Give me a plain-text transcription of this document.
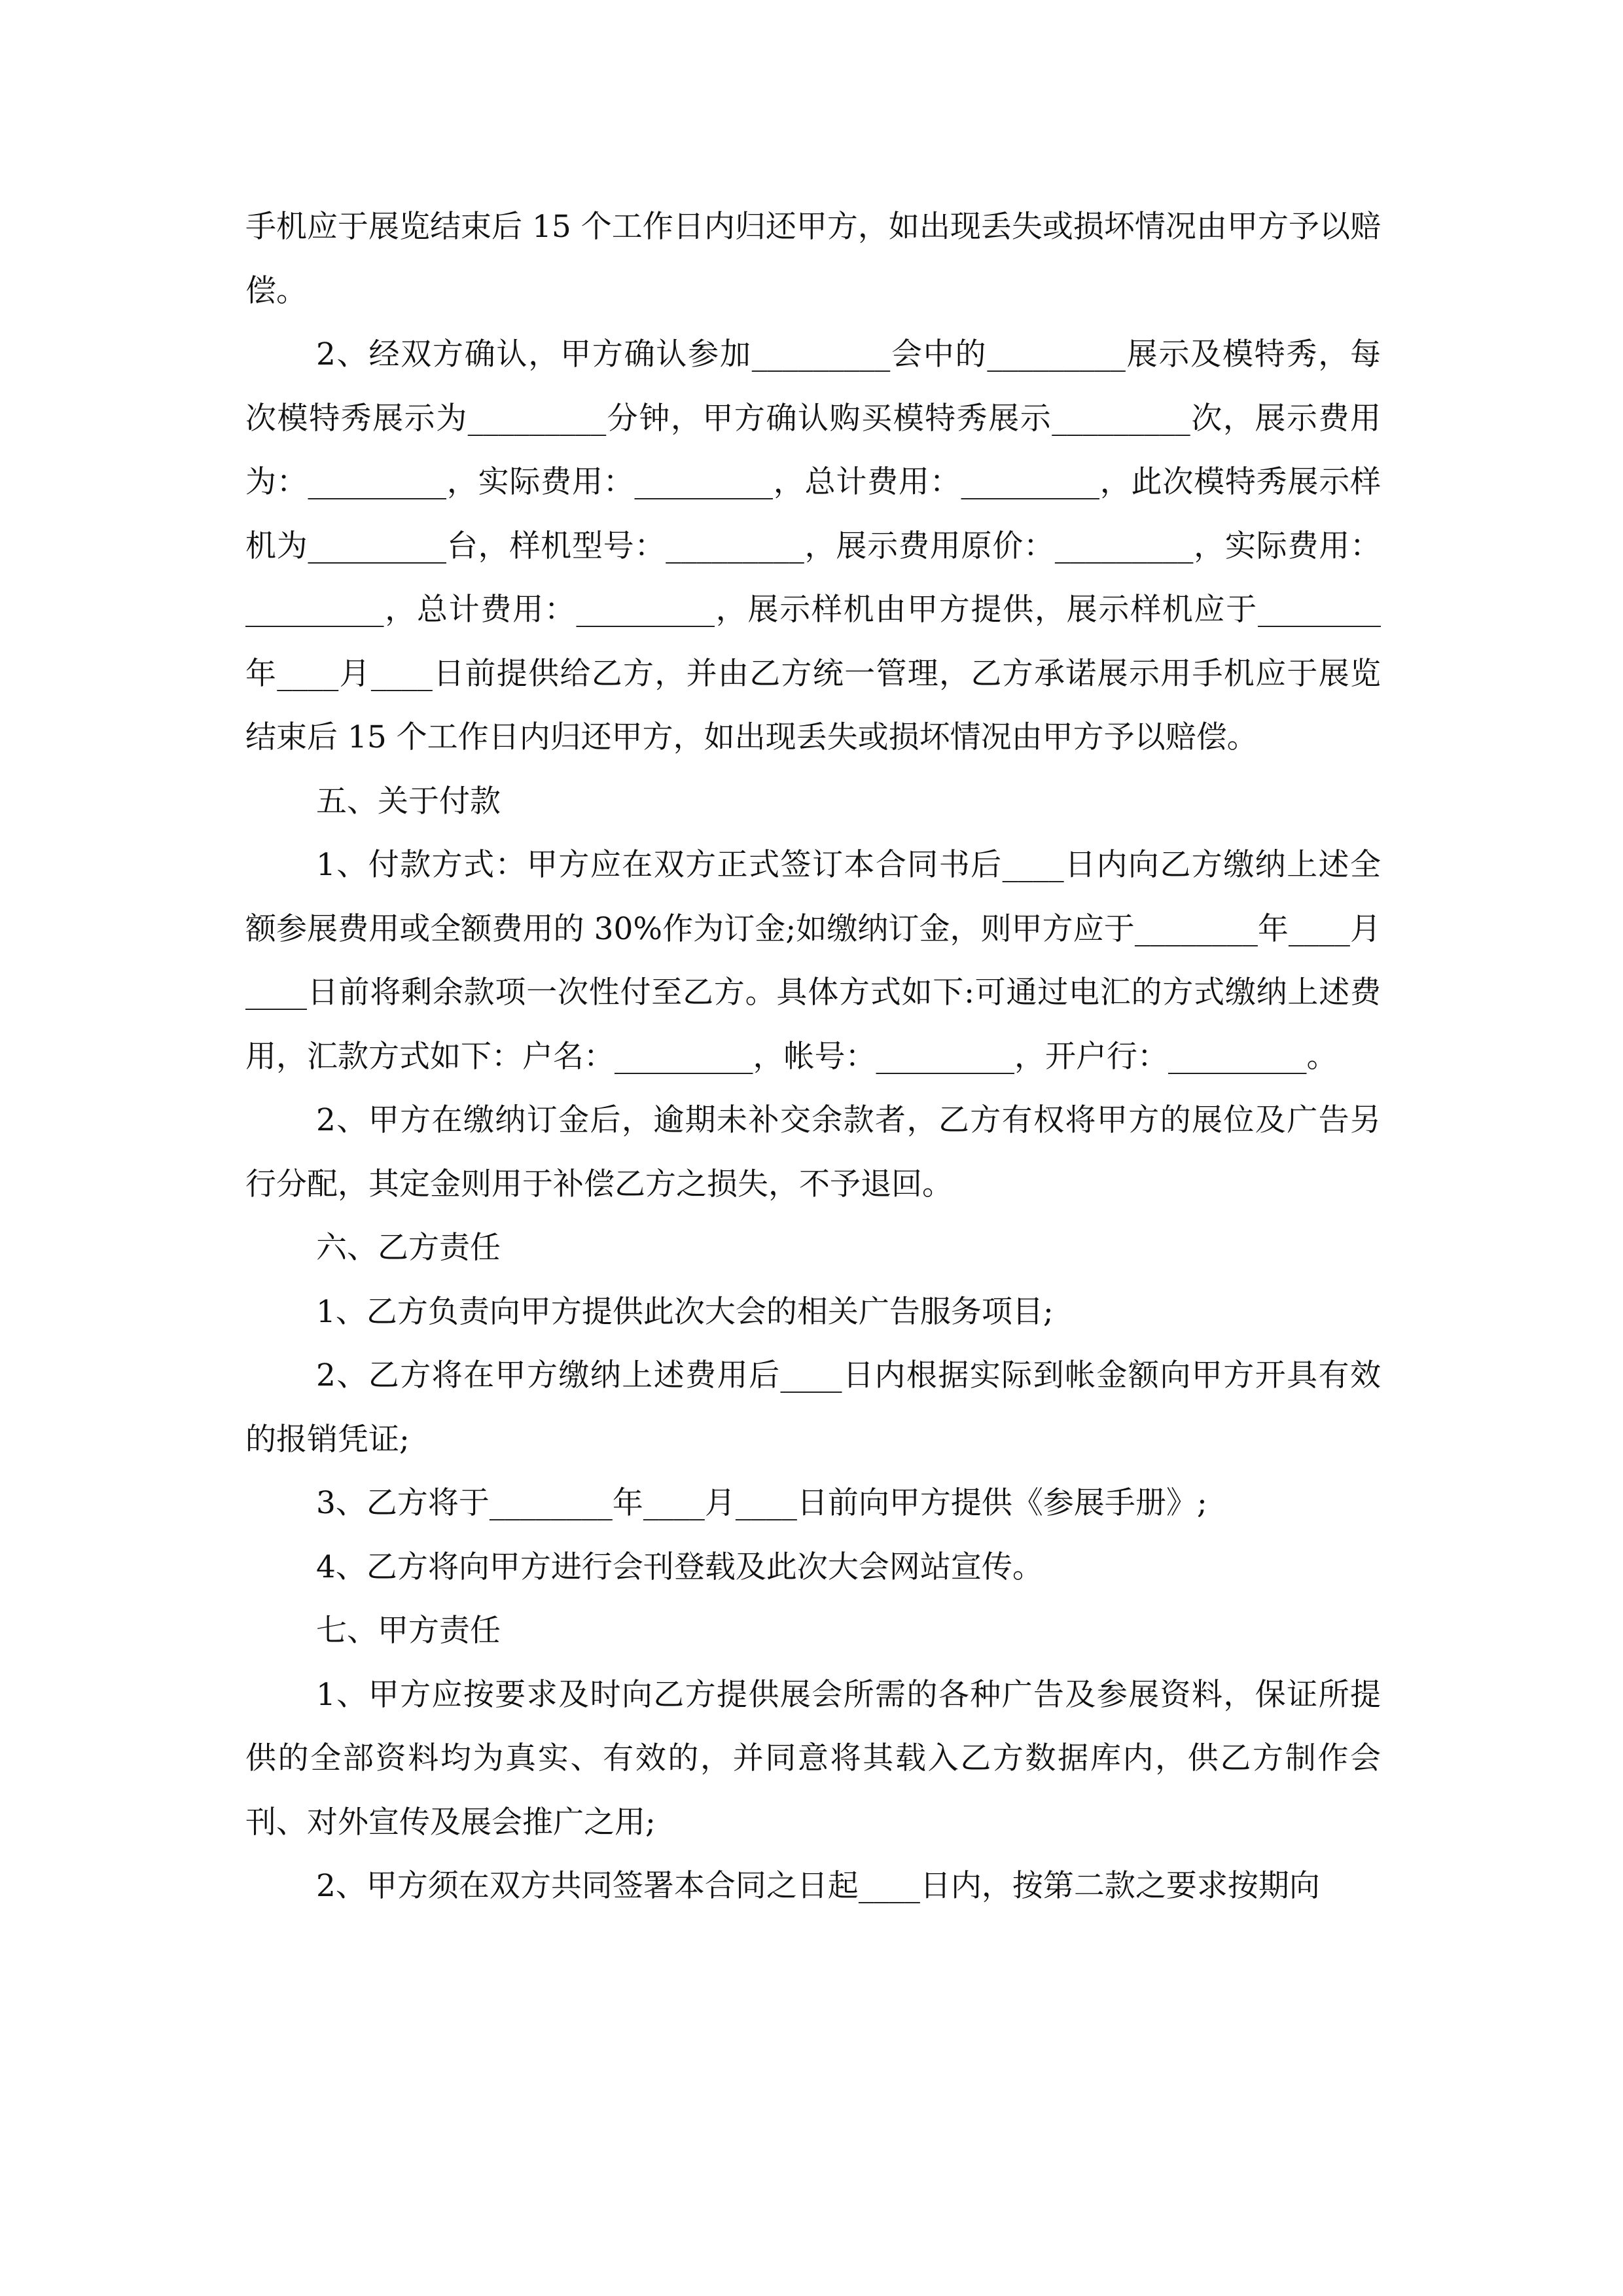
手机应于展览结束后 15 个工作日内归还甲方，如出现丢失或损坏情况由甲方予以赔偿。

2、经双方确认，甲方确认参加_________会中的_________展示及模特秀，每次模特秀展示为_________分钟，甲方确认购买模特秀展示_________次，展示费用为：_________，实际费用：_________，总计费用：_________，此次模特秀展示样机为_________台，样机型号：_________，展示费用原价：_________，实际费用：_________，总计费用：_________，展示样机由甲方提供，展示样机应于________年____月____日前提供给乙方，并由乙方统一管理，乙方承诺展示用手机应于展览结束后 15 个工作日内归还甲方，如出现丢失或损坏情况由甲方予以赔偿。

五、关于付款

1、付款方式：甲方应在双方正式签订本合同书后____日内向乙方缴纳上述全额参展费用或全额费用的 30%作为订金;如缴纳订金，则甲方应于________年____月____日前将剩余款项一次性付至乙方。具体方式如下:可通过电汇的方式缴纳上述费用，汇款方式如下：户名：_________，帐号：_________，开户行：_________。

2、甲方在缴纳订金后，逾期未补交余款者，乙方有权将甲方的展位及广告另行分配，其定金则用于补偿乙方之损失，不予退回。

六、乙方责任

1、乙方负责向甲方提供此次大会的相关广告服务项目;

2、乙方将在甲方缴纳上述费用后____日内根据实际到帐金额向甲方开具有效的报销凭证;

3、乙方将于________年____月____日前向甲方提供《参展手册》;

4、乙方将向甲方进行会刊登载及此次大会网站宣传。

七、甲方责任

1、甲方应按要求及时向乙方提供展会所需的各种广告及参展资料，保证所提供的全部资料均为真实、有效的，并同意将其载入乙方数据库内，供乙方制作会刊、对外宣传及展会推广之用;

2、甲方须在双方共同签署本合同之日起____日内，按第二款之要求按期向
